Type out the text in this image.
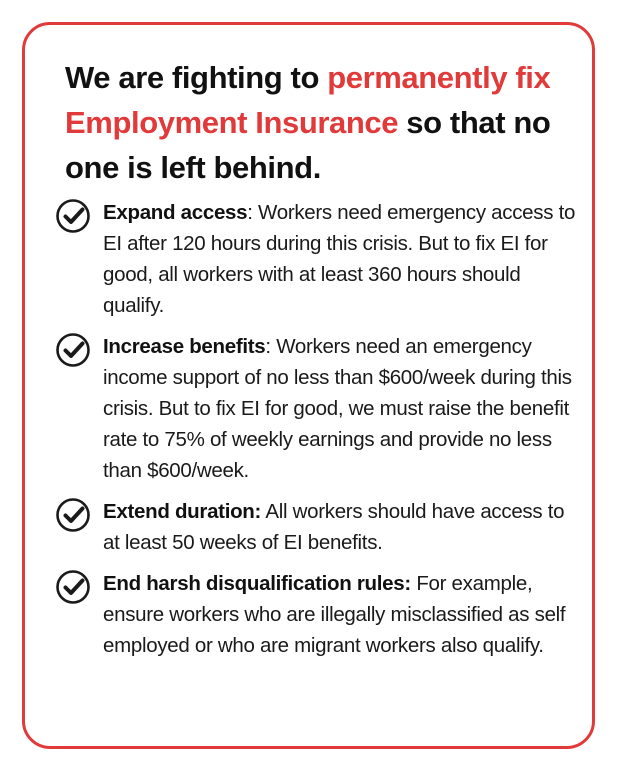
We are fighting to permanently fix Employment Insurance so that no one is left behind.

Expand access: Workers need emergency access to EI after 120 hours during this crisis. But to fix EI for good, all workers with at least 360 hours should qualify.

Increase benefits: Workers need an emergency income support of no less than $600/week during this crisis. But to fix EI for good, we must raise the benefit rate to 75% of weekly earnings and provide no less than $600/week.

Extend duration: All workers should have access to at least 50 weeks of EI benefits.

End harsh disqualification rules: For example, ensure workers who are illegally misclassified as self employed or who are migrant workers also qualify.
